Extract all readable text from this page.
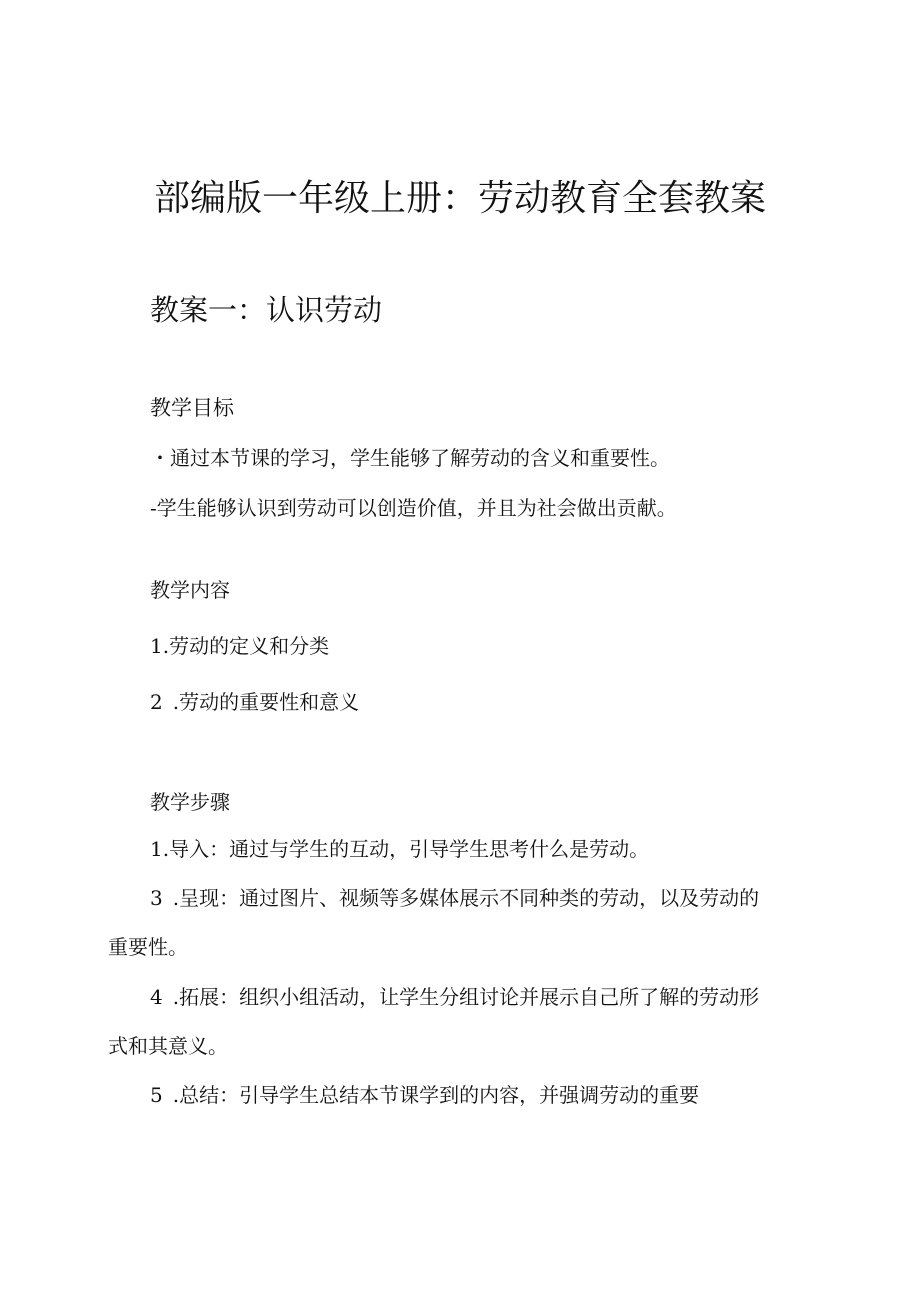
部编版一年级上册：劳动教育全套教案
教案一：认识劳动
教学目标
・通过本节课的学习，学生能够了解劳动的含义和重要性。
-学生能够认识到劳动可以创造价值，并且为社会做出贡献。
教学内容
1.劳动的定义和分类
2 .劳动的重要性和意义
教学步骤
1.导入：通过与学生的互动，引导学生思考什么是劳动。
3 .呈现：通过图片、视频等多媒体展示不同种类的劳动，以及劳动的
重要性。
4 .拓展：组织小组活动，让学生分组讨论并展示自己所了解的劳动形
式和其意义。
5 .总结：引导学生总结本节课学到的内容，并强调劳动的重要
